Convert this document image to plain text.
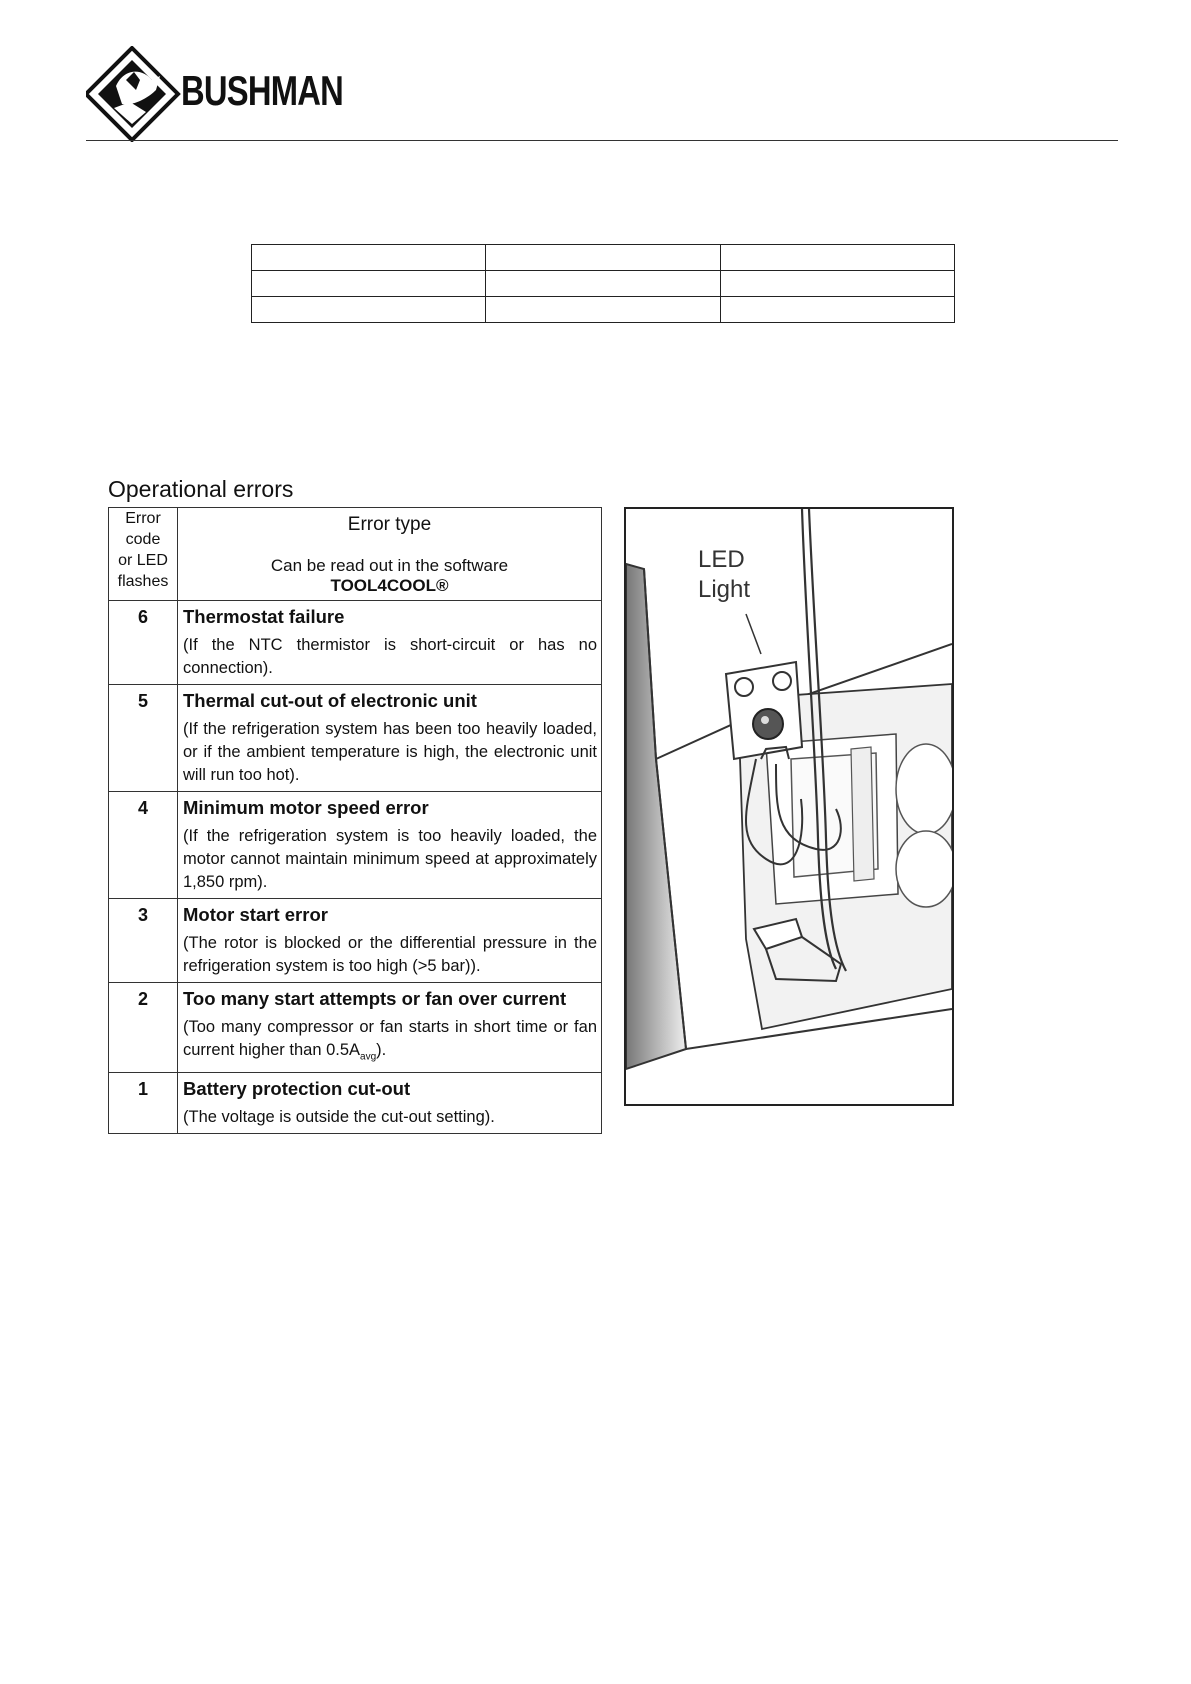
BUSHMAN

Operational errors
Error
code
or LED
flashes	Error type
Can be read out in the software
TOOL4COOL®

6	Thermostat failure
(If the NTC thermistor is short-circuit or has no connection).

5	Thermal cut-out of electronic unit
(If the refrigeration system has been too heavily loaded, or if the ambient temperature is high, the electronic unit will run too hot).

4	Minimum motor speed error
(If the refrigeration system is too heavily loaded, the motor cannot maintain minimum speed at approximately 1,850 rpm).

3	Motor start error
(The rotor is blocked or the differential pressure in the refrigeration system is too high (>5 bar)).

2	Too many start attempts or fan over current
(Too many compressor or fan starts in short time or fan current higher than $0.5A_{avg}$).

1	Battery protection cut-out
(The voltage is outside the cut-out setting).
LED
Light
